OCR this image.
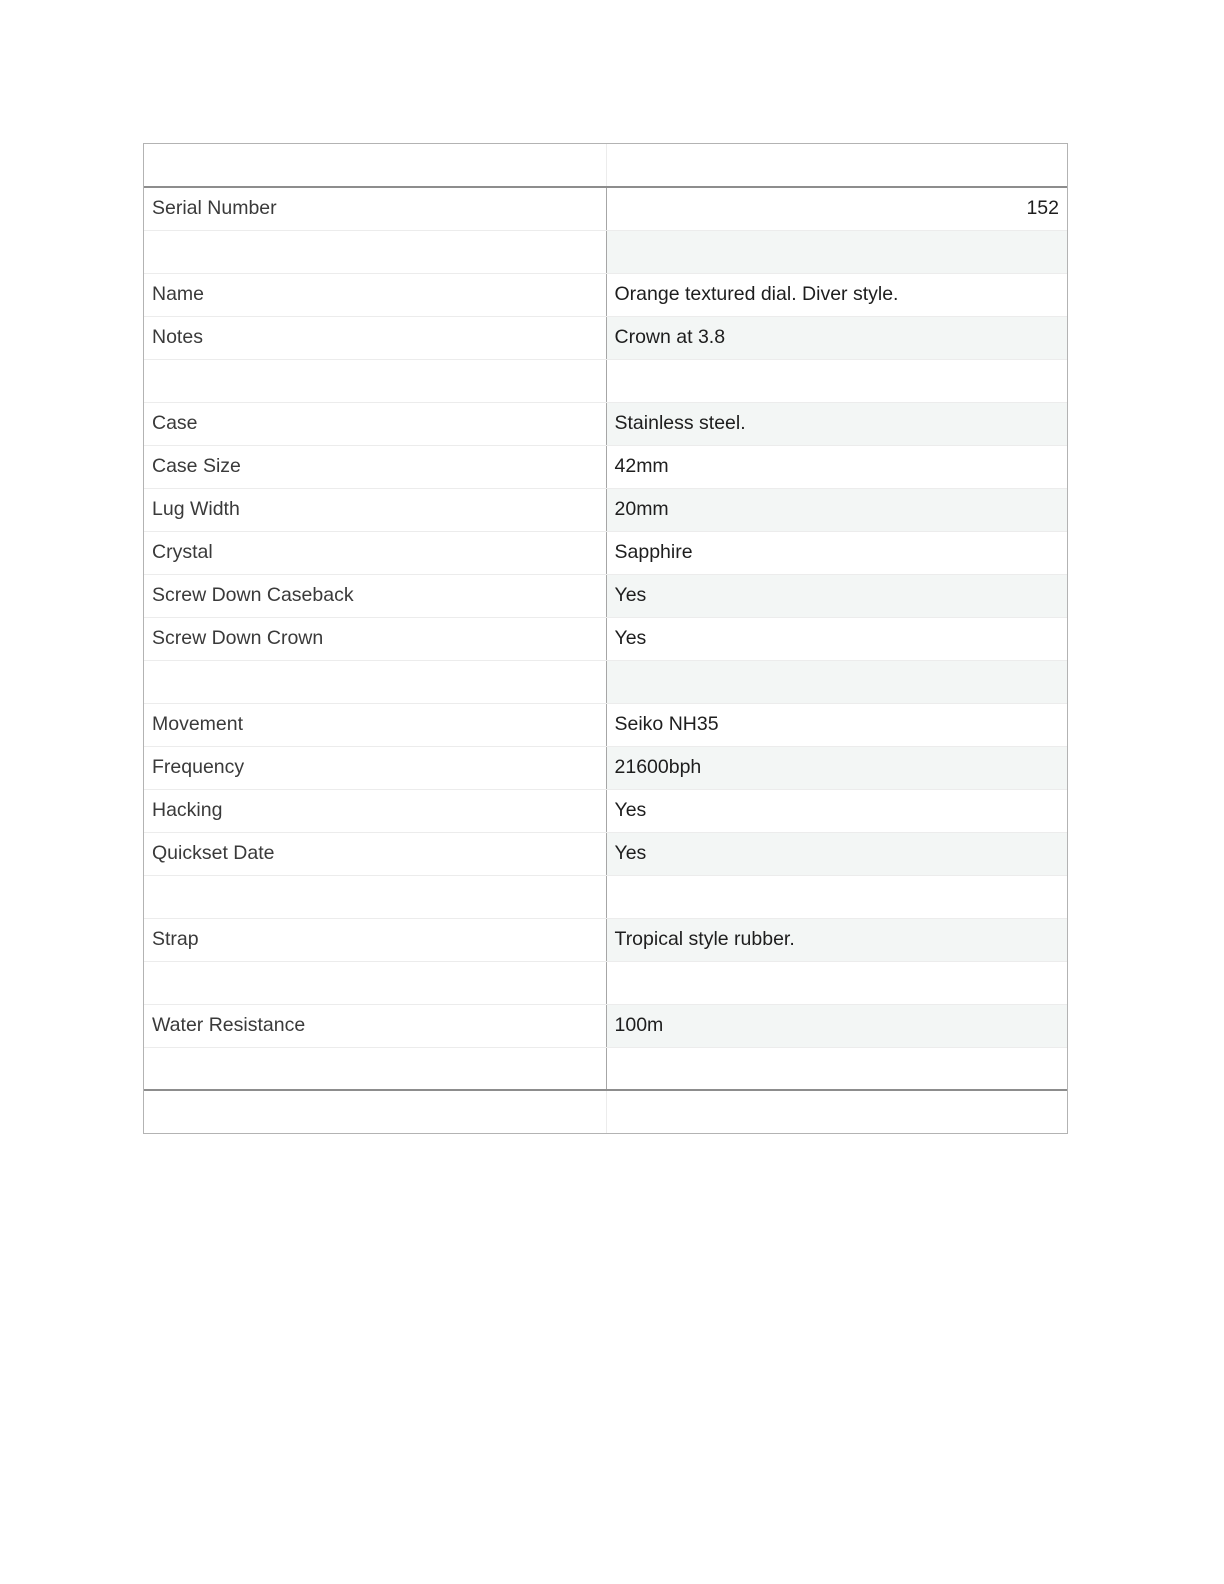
Serial Number	152

Name	Orange textured dial. Diver style.
Notes	Crown at 3.8

Case	Stainless steel.
Case Size	42mm
Lug Width	20mm
Crystal	Sapphire
Screw Down Caseback	Yes
Screw Down Crown	Yes

Movement	Seiko NH35
Frequency	21600bph
Hacking	Yes
Quickset Date	Yes

Strap	Tropical style rubber.

Water Resistance	100m
